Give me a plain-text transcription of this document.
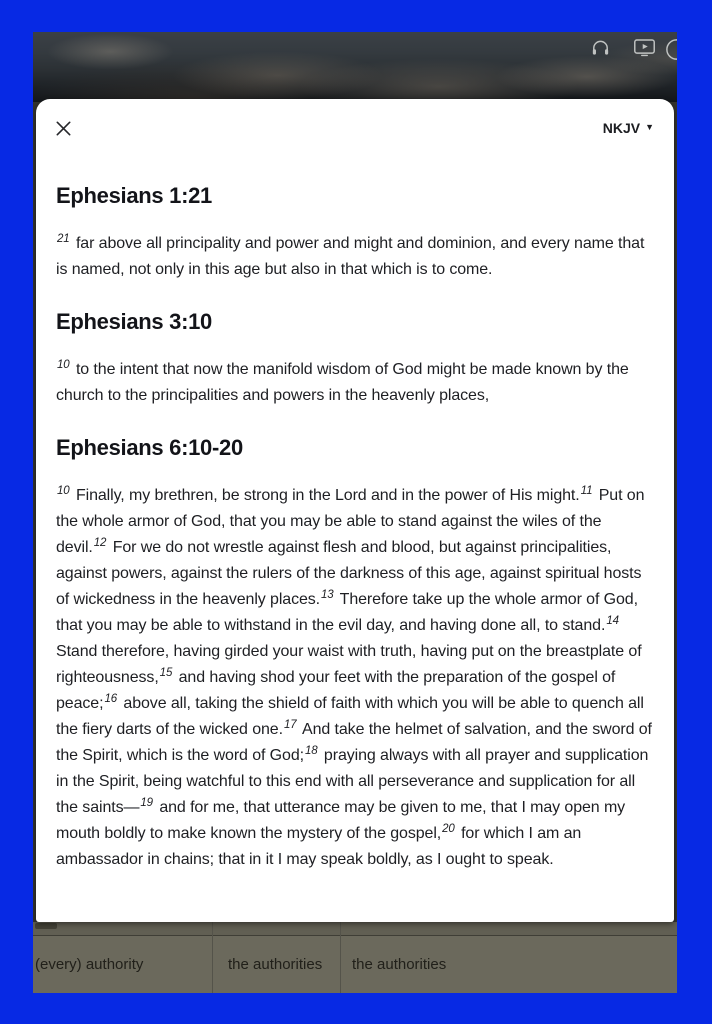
(every) authority	the authorities the authorities
NKJV ▼
Ephesians 1:21

$^{21}$ far above all principality and power and might and dominion, and every name that is named, not only in this age but also in that which is to come.

Ephesians 3:10

$^{10}$ to the intent that now the manifold wisdom of God might be made known by the church to the principalities and powers in the heavenly places,

Ephesians 6:10-20

$^{10}$ Finally, my brethren, be strong in the Lord and in the power of His might.$^{11}$ Put on the whole armor of God, that you may be able to stand against the wiles of the devil.$^{12}$ For we do not wrestle against flesh and blood, but against principalities, against powers, against the rulers of the darkness of this age, against spiritual hosts of wickedness in the heavenly places.$^{13}$ Therefore take up the whole armor of God, that you may be able to withstand in the evil day, and having done all, to stand.$^{14}$ Stand therefore, having girded your waist with truth, having put on the breastplate of righteousness,$^{15}$ and having shod your feet with the preparation of the gospel of peace;$^{16}$ above all, taking the shield of faith with which you will be able to quench all the fiery darts of the wicked one.$^{17}$ And take the helmet of salvation, and the sword of the Spirit, which is the word of God;$^{18}$ praying always with all prayer and supplication in the Spirit, being watchful to this end with all perseverance and supplication for all the saints—$^{19}$ and for me, that utterance may be given to me, that I may open my mouth boldly to make known the mystery of the gospel,$^{20}$ for which I am an ambassador in chains; that in it I may speak boldly, as I ought to speak.
